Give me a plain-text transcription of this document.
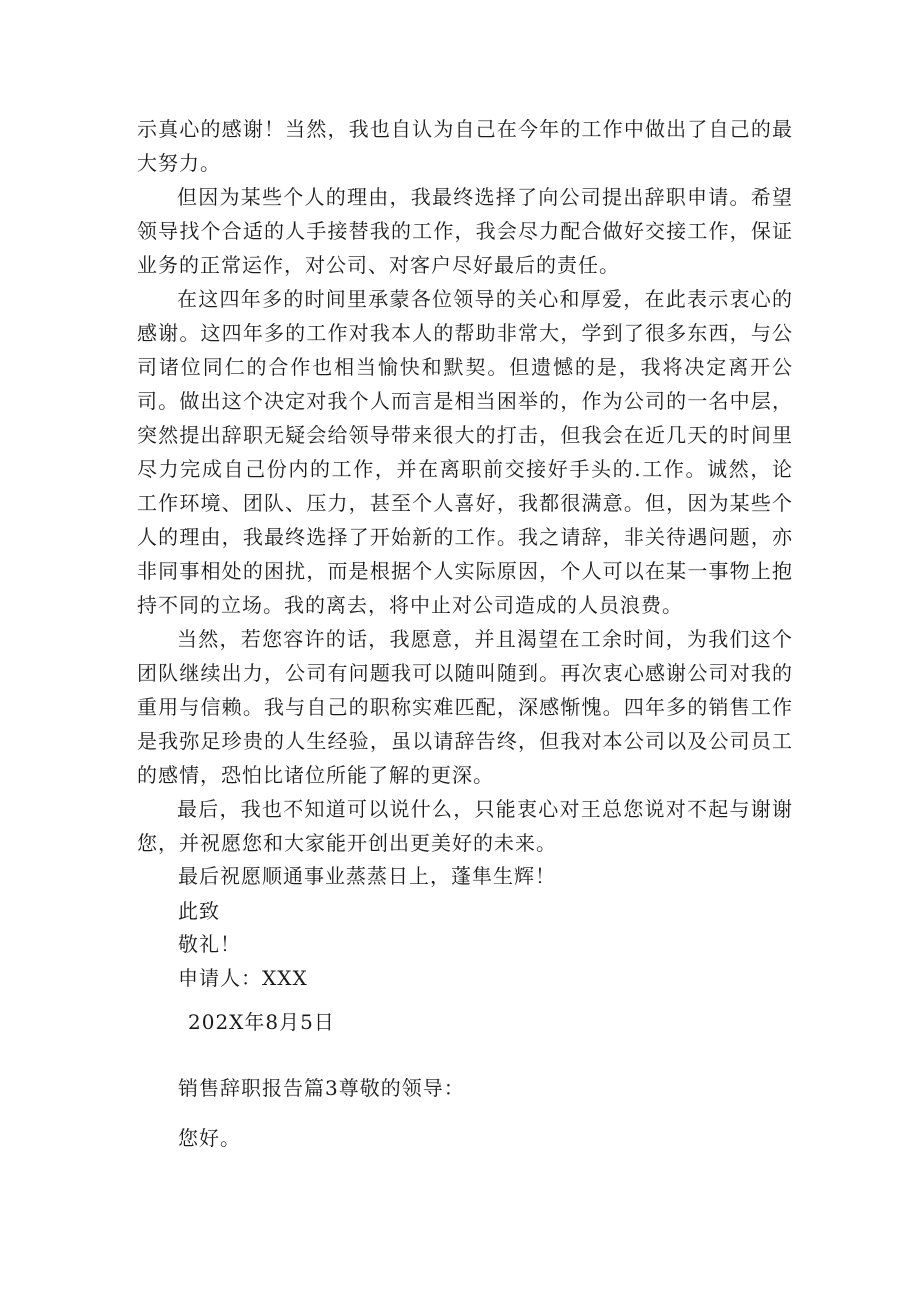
示真心的感谢！当然，我也自认为自己在今年的工作中做出了自己的最大努力。

但因为某些个人的理由，我最终选择了向公司提出辞职申请。希望领导找个合适的人手接替我的工作，我会尽力配合做好交接工作，保证业务的正常运作，对公司、对客户尽好最后的责任。

在这四年多的时间里承蒙各位领导的关心和厚爱，在此表示衷心的感谢。这四年多的工作对我本人的帮助非常大，学到了很多东西，与公司诸位同仁的合作也相当愉快和默契。但遗憾的是，我将决定离开公司。做出这个决定对我个人而言是相当困举的，作为公司的一名中层，突然提出辞职无疑会给领导带来很大的打击，但我会在近几天的时间里尽力完成自己份内的工作，并在离职前交接好手头的.工作。诚然，论工作环境、团队、压力，甚至个人喜好，我都很满意。但，因为某些个人的理由，我最终选择了开始新的工作。我之请辞，非关待遇问题，亦非同事相处的困扰，而是根据个人实际原因，个人可以在某一事物上抱持不同的立场。我的离去，将中止对公司造成的人员浪费。

当然，若您容许的话，我愿意，并且渴望在工余时间，为我们这个团队继续出力，公司有问题我可以随叫随到。再次衷心感谢公司对我的重用与信赖。我与自己的职称实难匹配，深感惭愧。四年多的销售工作是我弥足珍贵的人生经验，虽以请辞告终，但我对本公司以及公司员工的感情，恐怕比诸位所能了解的更深。

最后，我也不知道可以说什么，只能衷心对王总您说对不起与谢谢您，并祝愿您和大家能开创出更美好的未来。

最后祝愿顺通事业蒸蒸日上，蓬隼生辉！
此致
敬礼！
申请人：XXX
202X年8月5日
销售辞职报告篇3尊敬的领导：
您好。
